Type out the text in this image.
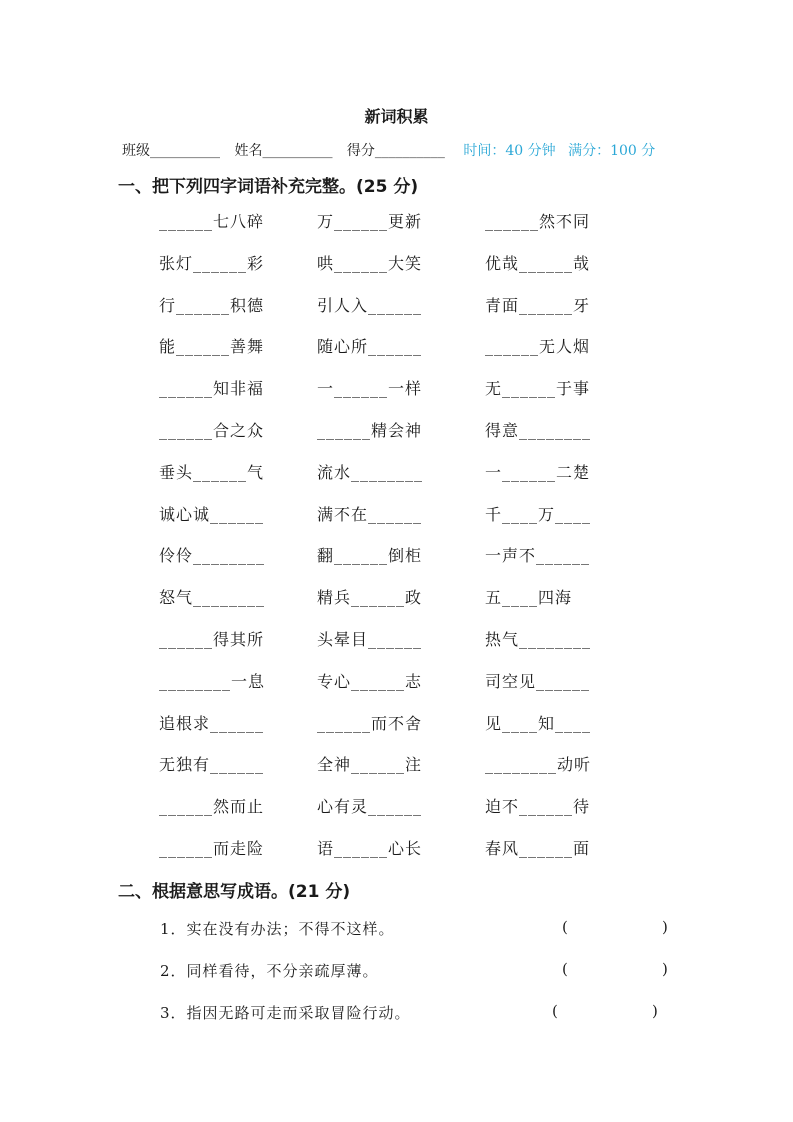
新词积累
班级__________ 姓名__________ 得分__________ 时间：40 分钟 满分：100 分
一、把下列四字词语补充完整。(25 分)
______七八碎	万______更新	______然不同
张灯______彩	哄______大笑	优哉______哉
行______积德	引人入______	青面______牙
能______善舞	随心所______	______无人烟
______知非福	一______一样	无______于事
______合之众	______精会神	得意________
垂头______气	流水________	一______二楚
诚心诚______	满不在______	千____万____
伶伶________	翻______倒柜	一声不______
怒气________	精兵______政	五____四海
______得其所	头晕目______	热气________
________一息	专心______志	司空见______
追根求______	______而不舍	见____知____
无独有______	全神______注	________动听
______然而止	心有灵______	迫不______待
______而走险	语______心长	春风______面
二、根据意思写成语。(21 分)
1．实在没有办法；不得不这样。	(	)
2．同样看待，不分亲疏厚薄。	(	)
3．指因无路可走而采取冒险行动。	(	)
